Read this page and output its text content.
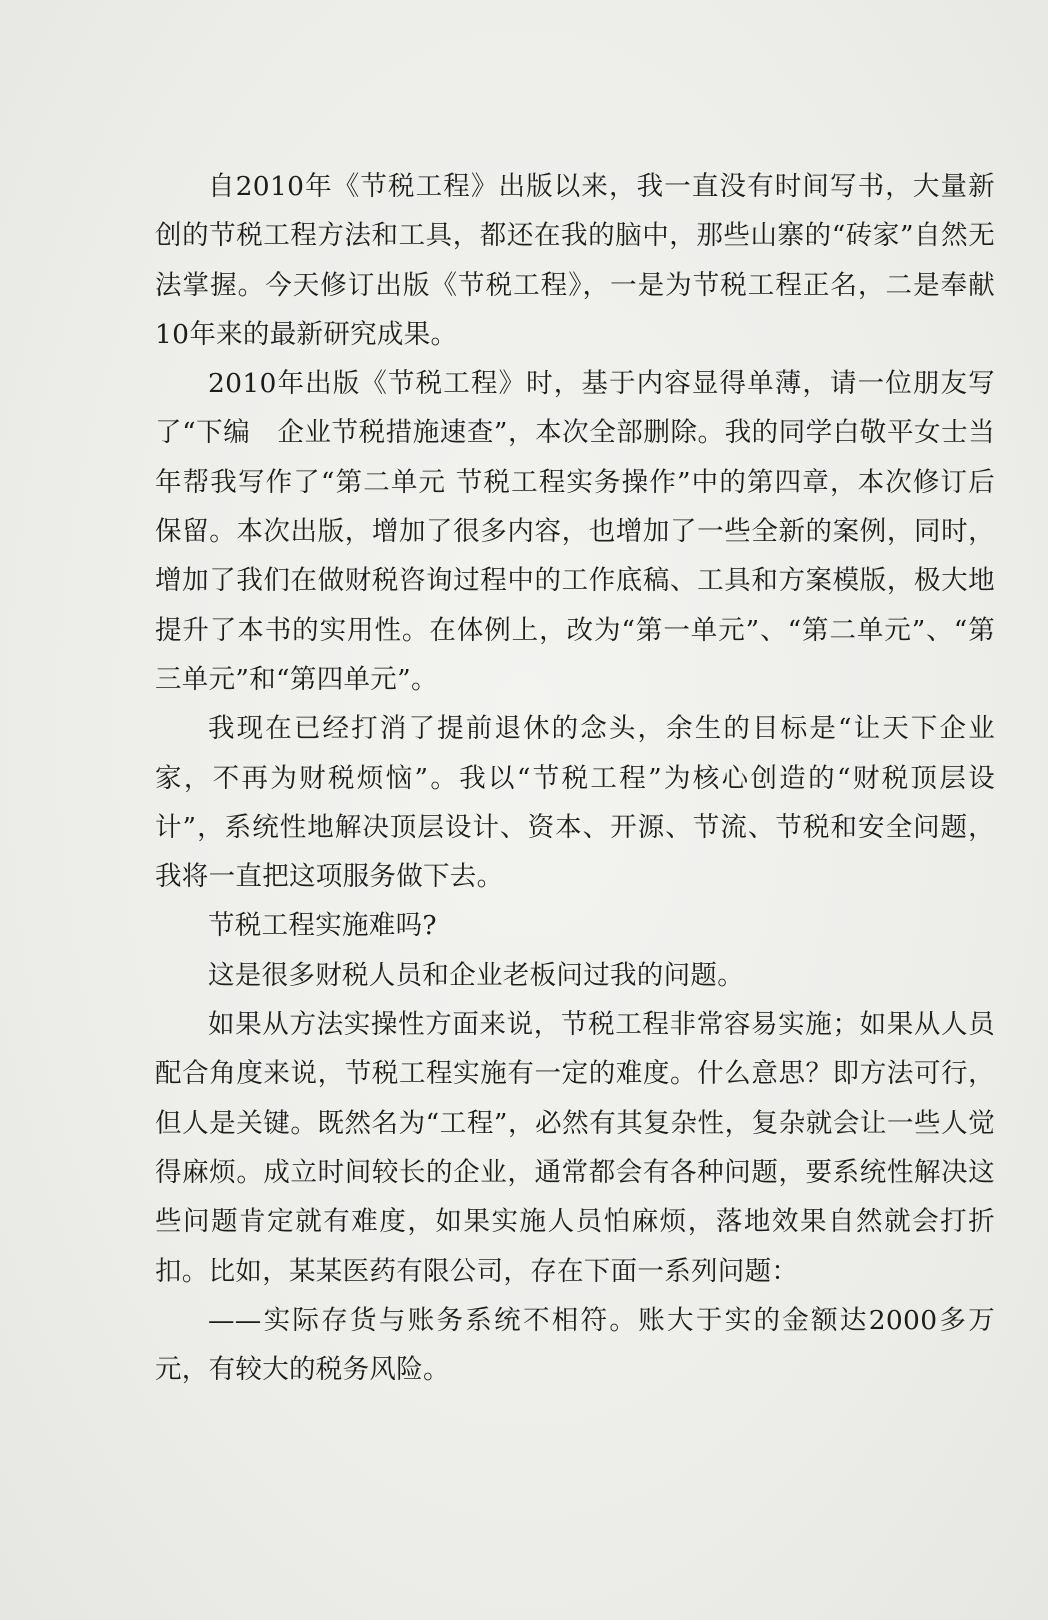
自2010年《节税工程》出版以来，我一直没有时间写书，大量新创的节税工程方法和工具，都还在我的脑中，那些山寨的“砖家”自然无法掌握。今天修订出版《节税工程》，一是为节税工程正名，二是奉献10年来的最新研究成果。

2010年出版《节税工程》时，基于内容显得单薄，请一位朋友写了“下编　企业节税措施速查”，本次全部删除。我的同学白敬平女士当年帮我写作了“第二单元 节税工程实务操作”中的第四章，本次修订后保留。本次出版，增加了很多内容，也增加了一些全新的案例，同时，增加了我们在做财税咨询过程中的工作底稿、工具和方案模版，极大地提升了本书的实用性。在体例上，改为“第一单元”、“第二单元”、“第三单元”和“第四单元”。

我现在已经打消了提前退休的念头，余生的目标是“让天下企业家，不再为财税烦恼”。我以“节税工程”为核心创造的“财税顶层设计”，系统性地解决顶层设计、资本、开源、节流、节税和安全问题，我将一直把这项服务做下去。

节税工程实施难吗?

这是很多财税人员和企业老板问过我的问题。

如果从方法实操性方面来说，节税工程非常容易实施；如果从人员配合角度来说，节税工程实施有一定的难度。什么意思？即方法可行，但人是关键。既然名为“工程”，必然有其复杂性，复杂就会让一些人觉得麻烦。成立时间较长的企业，通常都会有各种问题，要系统性解决这些问题肯定就有难度，如果实施人员怕麻烦，落地效果自然就会打折扣。比如，某某医药有限公司，存在下面一系列问题：

——实际存货与账务系统不相符。账大于实的金额达2000多万元，有较大的税务风险。
